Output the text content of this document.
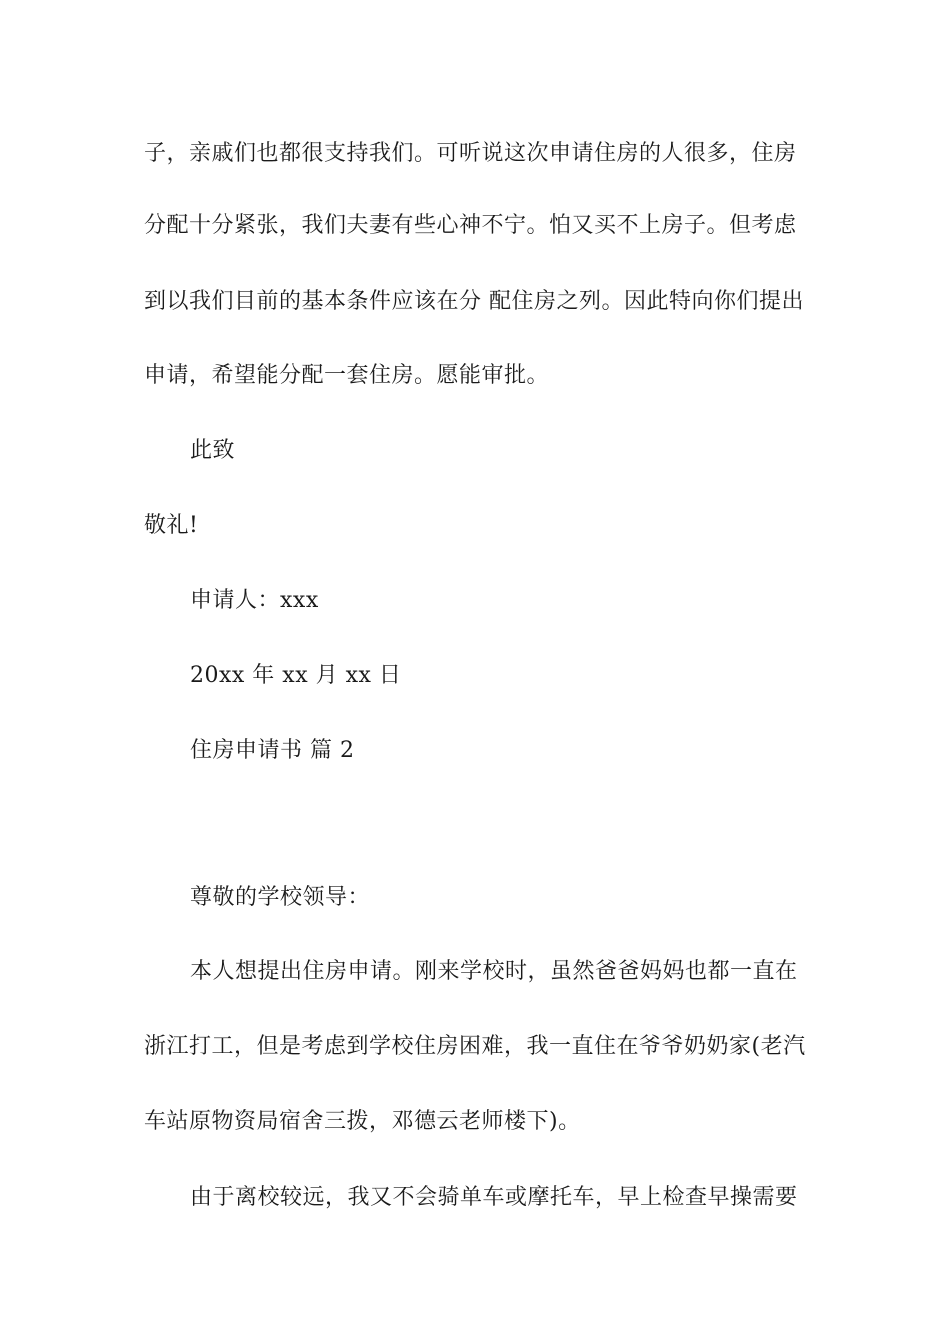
子，亲戚们也都很支持我们。可听说这次申请住房的人很多，住房
分配十分紧张，我们夫妻有些心神不宁。怕又买不上房子。但考虑
到以我们目前的基本条件应该在分 配住房之列。因此特向你们提出
申请，希望能分配一套住房。愿能审批。
此致
敬礼!
申请人：xxx
20xx 年 xx 月 xx 日
住房申请书 篇 2
尊敬的学校领导：
本人想提出住房申请。刚来学校时，虽然爸爸妈妈也都一直在
浙江打工，但是考虑到学校住房困难，我一直住在爷爷奶奶家(老汽
车站原物资局宿舍三拨，邓德云老师楼下)。
由于离校较远，我又不会骑单车或摩托车，早上检查早操需要
